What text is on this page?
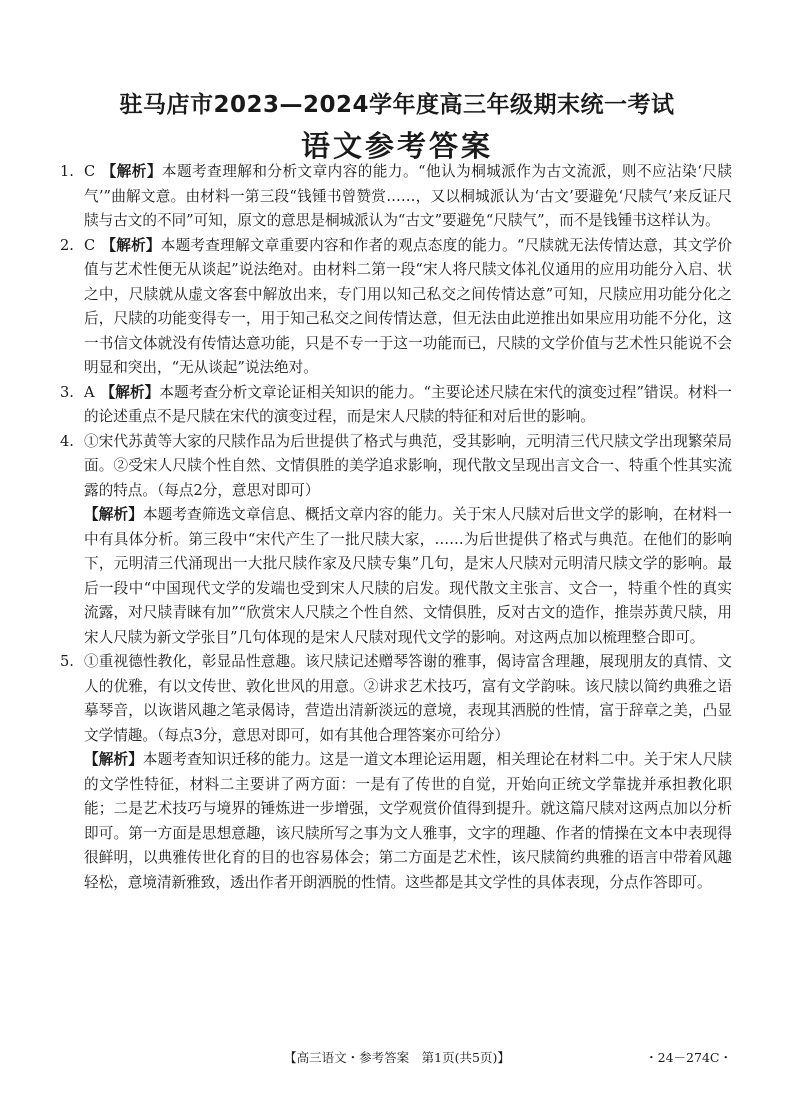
驻马店市2023—2024学年度高三年级期末统一考试
语文参考答案
1. C 【解析】本题考查理解和分析文章内容的能力。“他认为桐城派作为古文流派，则不应沾染‘尺牍气’”曲解文意。由材料一第三段“钱锺书曾赞赏……，又以桐城派认为‘古文’要避免‘尺牍气’来反证尺牍与古文的不同”可知，原文的意思是桐城派认为“古文”要避免“尺牍气”，而不是钱锺书这样认为。

2. C 【解析】本题考查理解文章重要内容和作者的观点态度的能力。“尺牍就无法传情达意，其文学价值与艺术性便无从谈起”说法绝对。由材料二第一段“宋人将尺牍文体礼仪通用的应用功能分入启、状之中，尺牍就从虚文客套中解放出来，专门用以知己私交之间传情达意”可知，尺牍应用功能分化之后，尺牍的功能变得专一，用于知己私交之间传情达意，但无法由此逆推出如果应用功能不分化，这一书信文体就没有传情达意功能，只是不专一于这一功能而已，尺牍的文学价值与艺术性只能说不会明显和突出，“无从谈起”说法绝对。

3. A 【解析】本题考查分析文章论证相关知识的能力。“主要论述尺牍在宋代的演变过程”错误。材料一的论述重点不是尺牍在宋代的演变过程，而是宋人尺牍的特征和对后世的影响。

4. ①宋代苏黄等大家的尺牍作品为后世提供了格式与典范，受其影响，元明清三代尺牍文学出现繁荣局面。②受宋人尺牍个性自然、文情俱胜的美学追求影响，现代散文呈现出言文合一、特重个性其实流露的特点。（每点2分，意思对即可）

【解析】本题考查筛选文章信息、概括文章内容的能力。关于宋人尺牍对后世文学的影响，在材料一中有具体分析。第三段中“宋代产生了一批尺牍大家，……为后世提供了格式与典范。在他们的影响下，元明清三代涌现出一大批尺牍作家及尺牍专集”几句，是宋人尺牍对元明清尺牍文学的影响。最后一段中“中国现代文学的发端也受到宋人尺牍的启发。现代散文主张言、文合一，特重个性的真实流露，对尺牍青睐有加”“欣赏宋人尺牍之个性自然、文情俱胜，反对古文的造作，推崇苏黄尺牍，用宋人尺牍为新文学张目”几句体现的是宋人尺牍对现代文学的影响。对这两点加以梳理整合即可。

5. ①重视德性教化，彰显品性意趣。该尺牍记述赠琴答谢的雅事，偈诗富含理趣，展现朋友的真情、文人的优雅，有以文传世、敦化世风的用意。②讲求艺术技巧，富有文学韵味。该尺牍以简约典雅之语摹琴音，以诙谐风趣之笔录偈诗，营造出清新淡远的意境，表现其洒脱的性情，富于辞章之美，凸显文学情趣。（每点3分，意思对即可，如有其他合理答案亦可给分）

【解析】本题考查知识迁移的能力。这是一道文本理论运用题，相关理论在材料二中。关于宋人尺牍的文学性特征，材料二主要讲了两方面：一是有了传世的自觉，开始向正统文学靠拢并承担教化职能；二是艺术技巧与境界的锤炼进一步增强，文学观赏价值得到提升。就这篇尺牍对这两点加以分析即可。第一方面是思想意趣，该尺牍所写之事为文人雅事，文字的理趣、作者的情操在文本中表现得很鲜明，以典雅传世化育的目的也容易体会；第二方面是艺术性，该尺牍简约典雅的语言中带着风趣轻松，意境清新雅致，透出作者开朗洒脱的性情。这些都是其文学性的具体表现，分点作答即可。

【高三语文・参考答案　第1页(共5页)】	・24－274C・
